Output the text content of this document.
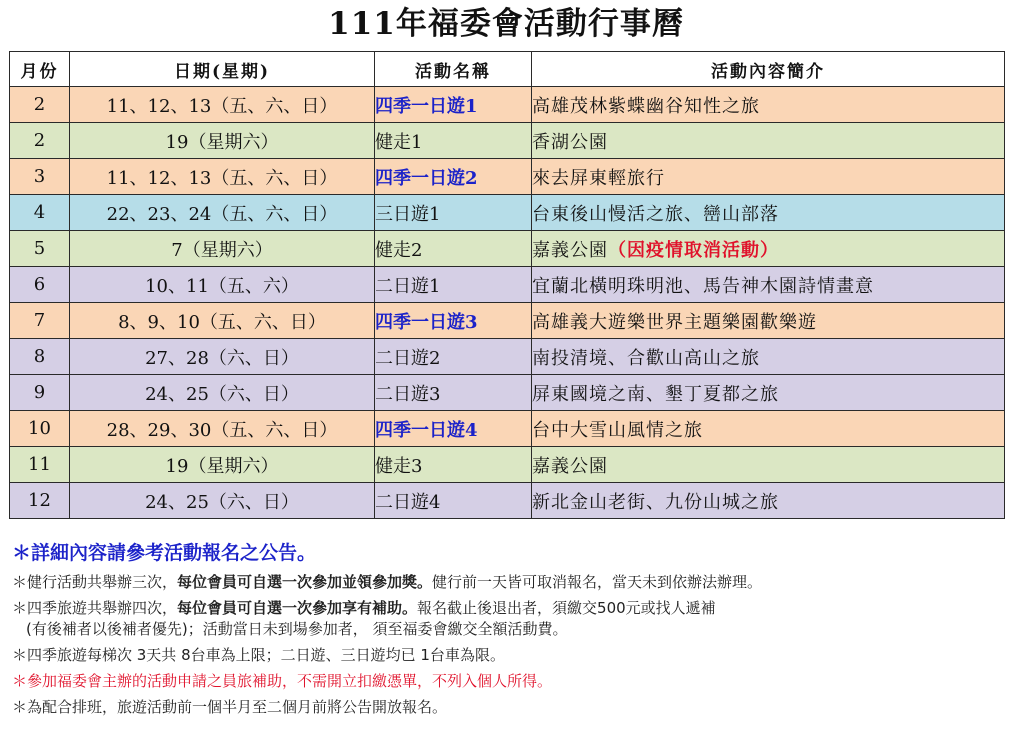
111年福委會活動行事曆
月份	日期(星期)	活動名稱	活動內容簡介
2	11、12、13（五、六、日）	四季一日遊1	高雄茂林紫蝶幽谷知性之旅
2	19（星期六）	健走1	香湖公園
3	11、12、13（五、六、日）	四季一日遊2	來去屏東輕旅行
4	22、23、24（五、六、日）	三日遊1	台東後山慢活之旅、巒山部落
5	7（星期六）	健走2	嘉義公園（因疫情取消活動）
6	10、11（五、六）	二日遊1	宜蘭北橫明珠明池、馬告神木園詩情畫意
7	8、9、10（五、六、日）	四季一日遊3	高雄義大遊樂世界主題樂園歡樂遊
8	27、28（六、日）	二日遊2	南投清境、合歡山高山之旅
9	24、25（六、日）	二日遊3	屏東國境之南、墾丁夏都之旅
10	28、29、30（五、六、日）	四季一日遊4	台中大雪山風情之旅
11	19（星期六）	健走3	嘉義公園
12	24、25（六、日）	二日遊4	新北金山老街、九份山城之旅
＊詳細內容請參考活動報名之公告。
＊健行活動共舉辦三次，每位會員可自選一次參加並領參加獎。健行前一天皆可取消報名，當天未到依辦法辦理。
＊四季旅遊共舉辦四次，每位會員可自選一次參加享有補助。報名截止後退出者，須繳交500元或找人遞補
(有後補者以後補者優先)；活動當日未到場參加者， 須至福委會繳交全額活動費。
＊四季旅遊每梯次 3天共 8台車為上限；二日遊、三日遊均已 1台車為限。
＊參加福委會主辦的活動申請之員旅補助，不需開立扣繳憑單，不列入個人所得。
＊為配合排班，旅遊活動前一個半月至二個月前將公告開放報名。
